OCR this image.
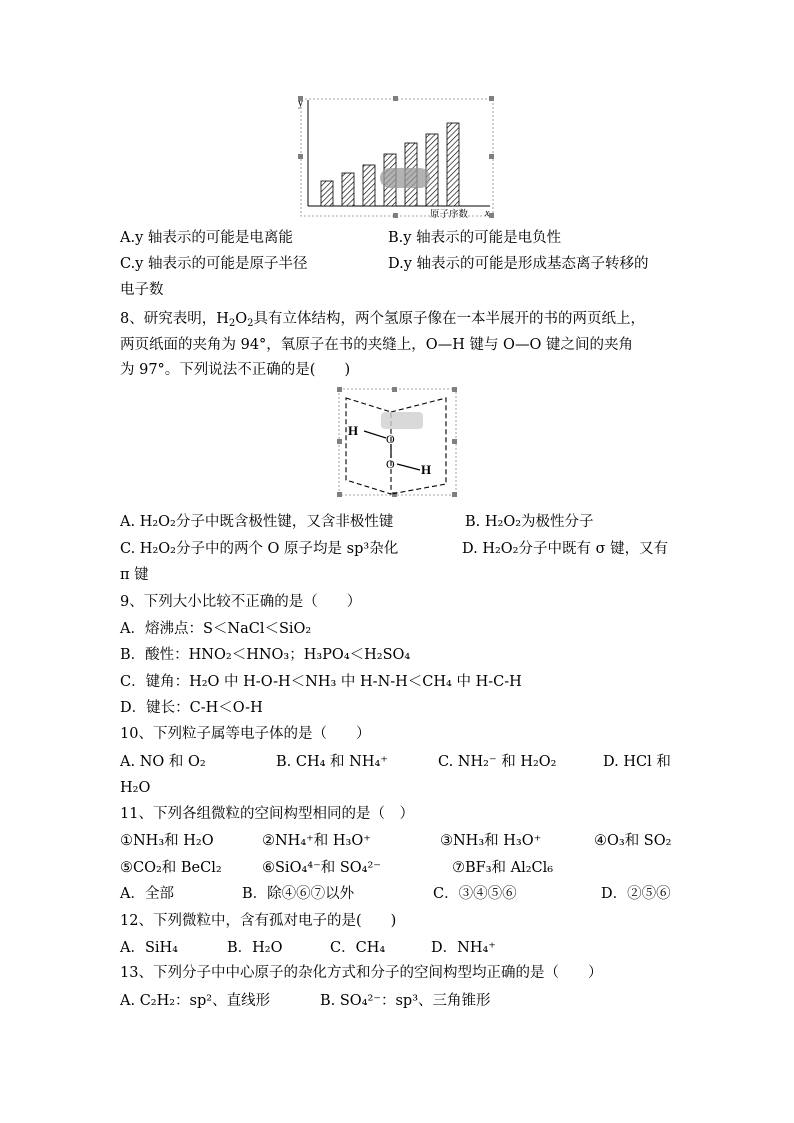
y
原子序数 x
A.y 轴表示的可能是电离能	B.y 轴表示的可能是电负性
C.y 轴表示的可能是原子半径	D.y 轴表示的可能是形成基态离子转移的
电子数
8、研究表明，$H_2O_2$具有立体结构，两个氢原子像在一本半展开的书的两页纸上，
两页纸面的夹角为 94°，氧原子在书的夹缝上，O—H 键与 O—O 键之间的夹角
为 97°。下列说法不正确的是(　　)
H
O
O H
A. H₂O₂分子中既含极性键，又含非极性键	B. H₂O₂为极性分子
C. H₂O₂分子中的两个 O 原子均是 sp³杂化	D. H₂O₂分子中既有 σ 键，又有
π 键
9、下列大小比较不正确的是（　　）
A．熔沸点：S＜NaCl＜SiO₂
B．酸性：HNO₂＜HNO₃；H₃PO₄＜H₂SO₄
C．键角：H₂O 中 H-O-H＜NH₃ 中 H-N-H＜CH₄ 中 H-C-H
D．键长：C-H＜O-H
10、下列粒子属等电子体的是（　　）
A. NO 和 O₂	B. CH₄ 和 NH₄⁺	C. NH₂⁻ 和 H₂O₂	D. HCl 和
H₂O
11、下列各组微粒的空间构型相同的是（　）
①NH₃和 H₂O	②NH₄⁺和 H₃O⁺	③NH₃和 H₃O⁺	④O₃和 SO₂
⑤CO₂和 BeCl₂	⑥SiO₄⁴⁻和 SO₄²⁻	⑦BF₃和 Al₂Cl₆
A．全部	B．除④⑥⑦以外	C．③④⑤⑥	D．②⑤⑥
12、下列微粒中，含有孤对电子的是(　　)
A．SiH₄	B．H₂O	C．CH₄	D．NH₄⁺
13、下列分子中中心原子的杂化方式和分子的空间构型均正确的是（　　）
A. C₂H₂：sp²、直线形	B. SO₄²⁻：sp³、三角锥形
